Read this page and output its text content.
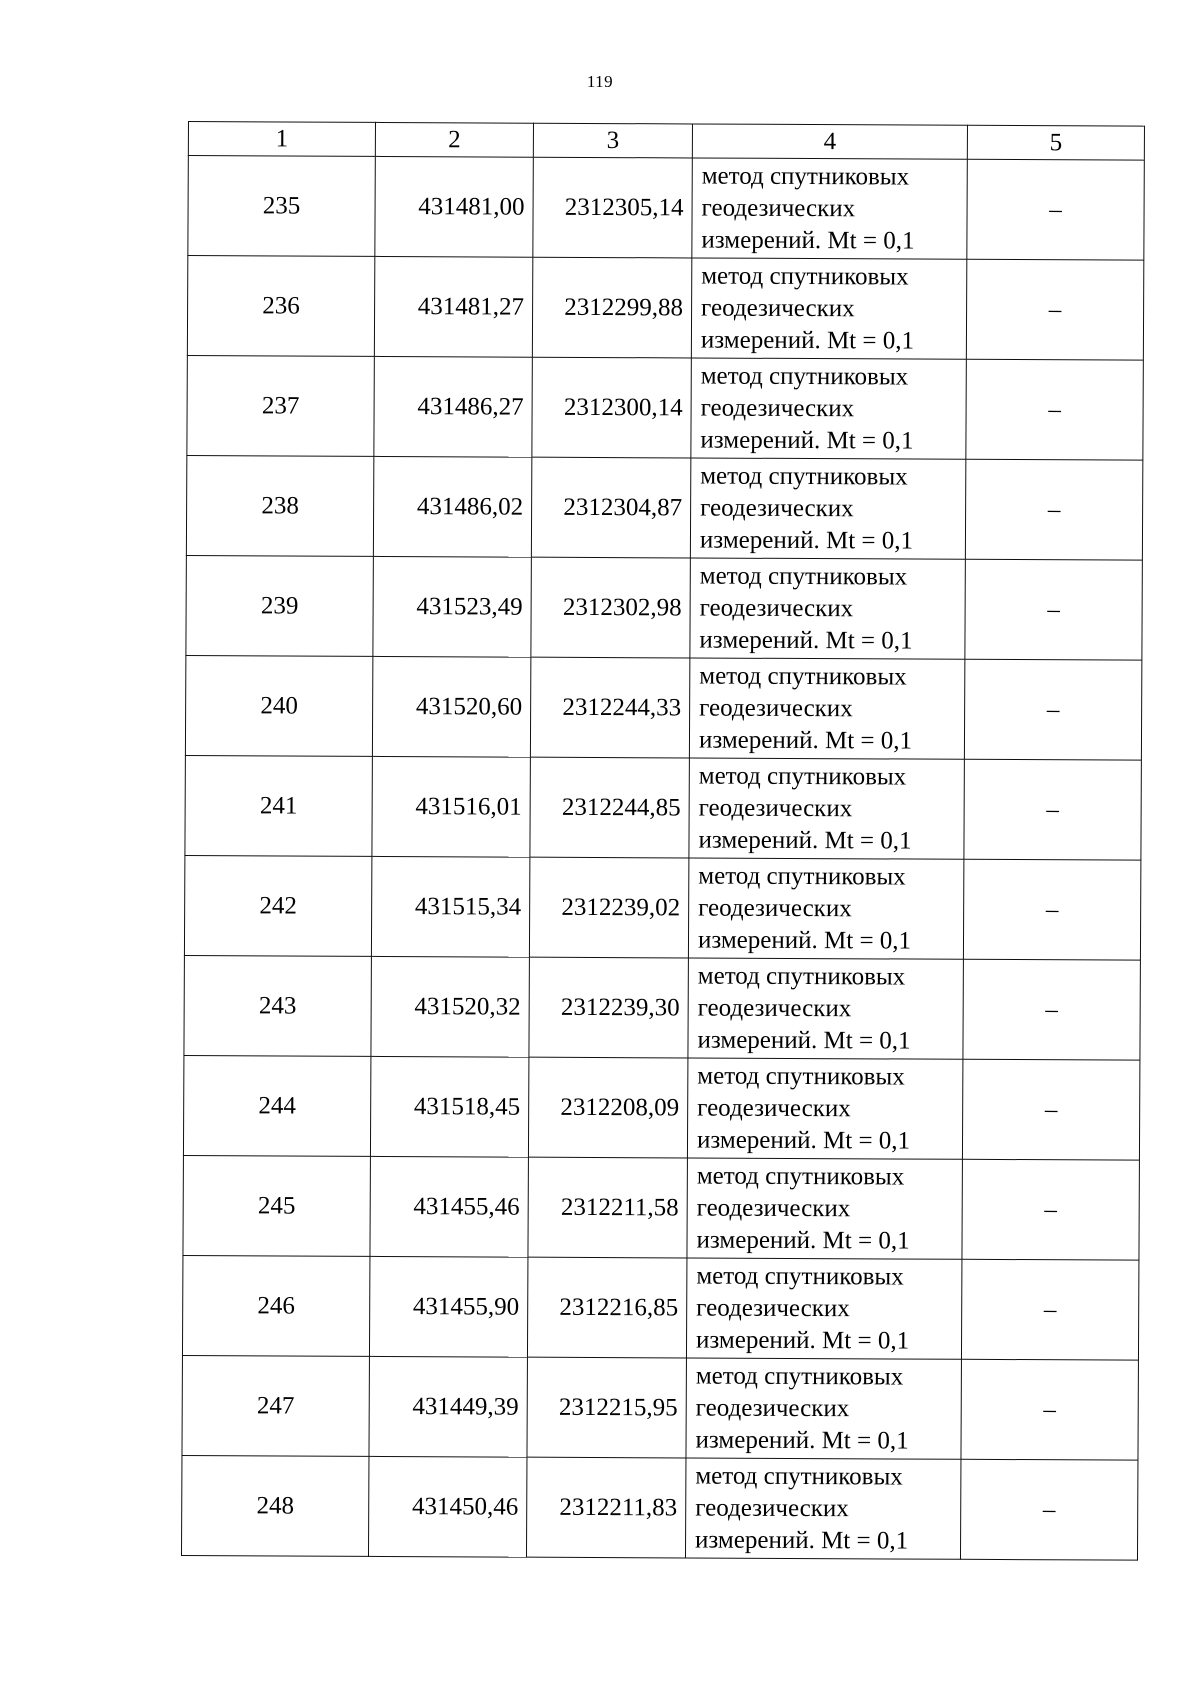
119
1	2	3	4	5
235	431481,00	2312305,14	метод спутниковых
геодезических
измерений. Mt = 0,1	–
236	431481,27	2312299,88	метод спутниковых
геодезических
измерений. Mt = 0,1	–
237	431486,27	2312300,14	метод спутниковых
геодезических
измерений. Mt = 0,1	–
238	431486,02	2312304,87	метод спутниковых
геодезических
измерений. Mt = 0,1	–
239	431523,49	2312302,98	метод спутниковых
геодезических
измерений. Mt = 0,1	–
240	431520,60	2312244,33	метод спутниковых
геодезических
измерений. Mt = 0,1	–
241	431516,01	2312244,85	метод спутниковых
геодезических
измерений. Mt = 0,1	–
242	431515,34	2312239,02	метод спутниковых
геодезических
измерений. Mt = 0,1	–
243	431520,32	2312239,30	метод спутниковых
геодезических
измерений. Mt = 0,1	–
244	431518,45	2312208,09	метод спутниковых
геодезических
измерений. Mt = 0,1	–
245	431455,46	2312211,58	метод спутниковых
геодезических
измерений. Mt = 0,1	–
246	431455,90	2312216,85	метод спутниковых
геодезических
измерений. Mt = 0,1	–
247	431449,39	2312215,95	метод спутниковых
геодезических
измерений. Mt = 0,1	–
248	431450,46	2312211,83	метод спутниковых
геодезических
измерений. Mt = 0,1	–
